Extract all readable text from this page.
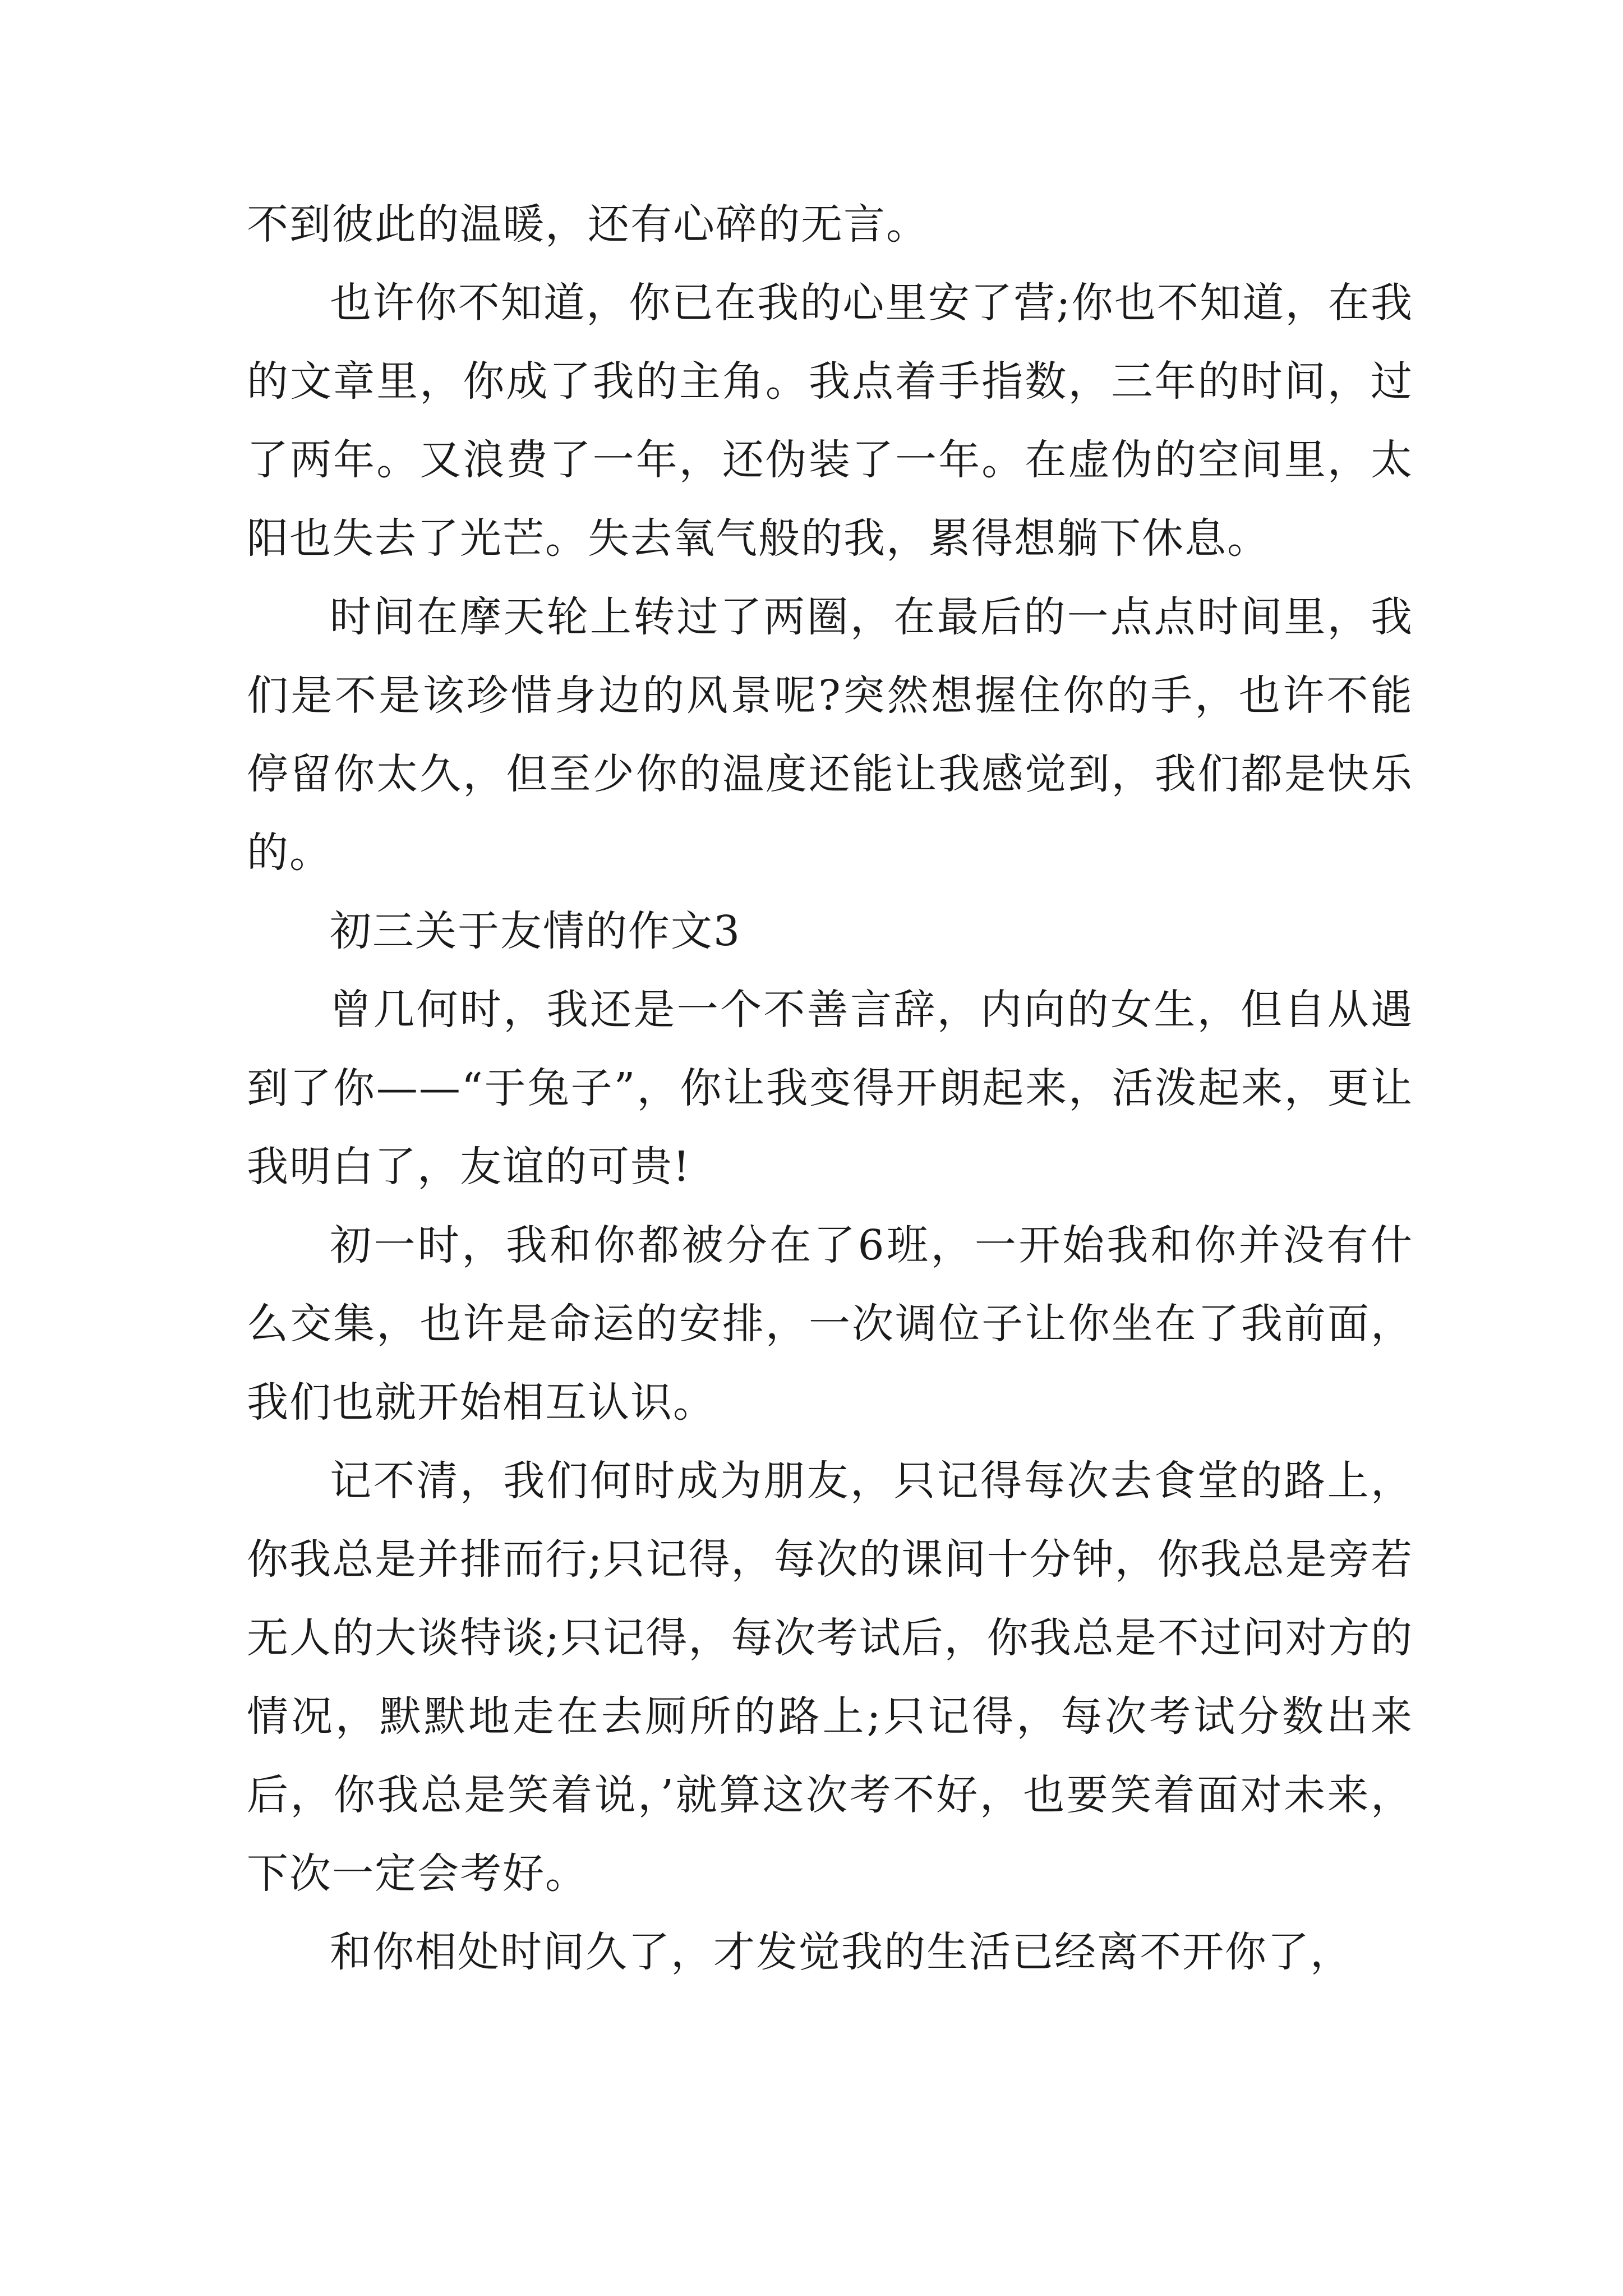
不到彼此的温暖，还有心碎的无言。

也许你不知道，你已在我的心里安了营;你也不知道，在我的文章里，你成了我的主角。我点着手指数，三年的时间，过了两年。又浪费了一年，还伪装了一年。在虚伪的空间里，太阳也失去了光芒。失去氧气般的我，累得想躺下休息。

时间在摩天轮上转过了两圈，在最后的一点点时间里，我们是不是该珍惜身边的风景呢?突然想握住你的手，也许不能停留你太久，但至少你的温度还能让我感觉到，我们都是快乐的。

初三关于友情的作文3

曾几何时，我还是一个不善言辞，内向的女生，但自从遇到了你——“于兔子”，你让我变得开朗起来，活泼起来，更让我明白了，友谊的可贵!

初一时，我和你都被分在了6班，一开始我和你并没有什么交集，也许是命运的安排，一次调位子让你坐在了我前面，我们也就开始相互认识。

记不清，我们何时成为朋友，只记得每次去食堂的路上，你我总是并排而行;只记得，每次的课间十分钟，你我总是旁若无人的大谈特谈;只记得，每次考试后，你我总是不过问对方的情况，默默地走在去厕所的路上;只记得，每次考试分数出来后，你我总是笑着说，’就算这次考不好，也要笑着面对未来，下次一定会考好。

和你相处时间久了，才发觉我的生活已经离不开你了，
